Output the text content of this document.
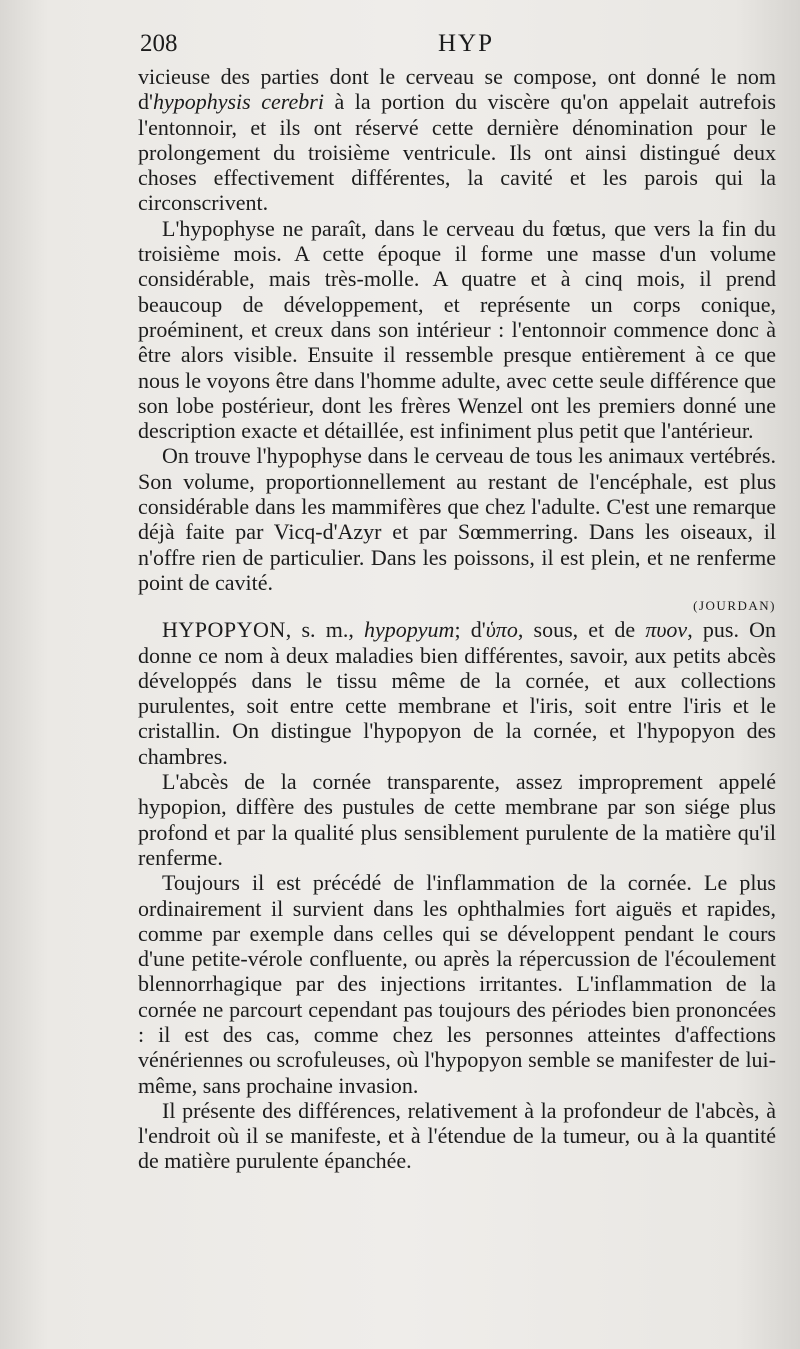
208	HYP

vicieuse des parties dont le cerveau se compose, ont donné le nom d'hypophysis cerebri à la portion du viscère qu'on appelait autrefois l'entonnoir, et ils ont réservé cette dernière dénomination pour le prolongement du troisième ventricule. Ils ont ainsi distingué deux choses effectivement différentes, la cavité et les parois qui la circonscrivent.

L'hypophyse ne paraît, dans le cerveau du fœtus, que vers la fin du troisième mois. A cette époque il forme une masse d'un volume considérable, mais très-molle. A quatre et à cinq mois, il prend beaucoup de développement, et représente un corps conique, proéminent, et creux dans son intérieur : l'entonnoir commence donc à être alors visible. Ensuite il ressemble presque entièrement à ce que nous le voyons être dans l'homme adulte, avec cette seule différence que son lobe postérieur, dont les frères Wenzel ont les premiers donné une description exacte et détaillée, est infiniment plus petit que l'antérieur.

On trouve l'hypophyse dans le cerveau de tous les animaux vertébrés. Son volume, proportionnellement au restant de l'encéphale, est plus considérable dans les mammifères que chez l'adulte. C'est une remarque déjà faite par Vicq-d'Azyr et par Sœmmerring. Dans les oiseaux, il n'offre rien de particulier. Dans les poissons, il est plein, et ne renferme point de cavité.

(JOURDAN)

HYPOPYON, s. m., hypopyum; d'ὑπο, sous, et de πυον, pus. On donne ce nom à deux maladies bien différentes, savoir, aux petits abcès développés dans le tissu même de la cornée, et aux collections purulentes, soit entre cette membrane et l'iris, soit entre l'iris et le cristallin. On distingue l'hypopyon de la cornée, et l'hypopyon des chambres.

L'abcès de la cornée transparente, assez improprement appelé hypopion, diffère des pustules de cette membrane par son siége plus profond et par la qualité plus sensiblement purulente de la matière qu'il renferme.

Toujours il est précédé de l'inflammation de la cornée. Le plus ordinairement il survient dans les ophthalmies fort aiguës et rapides, comme par exemple dans celles qui se développent pendant le cours d'une petite-vérole confluente, ou après la répercussion de l'écoulement blennorrhagique par des injections irritantes. L'inflammation de la cornée ne parcourt cependant pas toujours des périodes bien prononcées : il est des cas, comme chez les personnes atteintes d'affections vénériennes ou scrofuleuses, où l'hypopyon semble se manifester de lui-même, sans prochaine invasion.

Il présente des différences, relativement à la profondeur de l'abcès, à l'endroit où il se manifeste, et à l'étendue de la tumeur, ou à la quantité de matière purulente épanchée.
